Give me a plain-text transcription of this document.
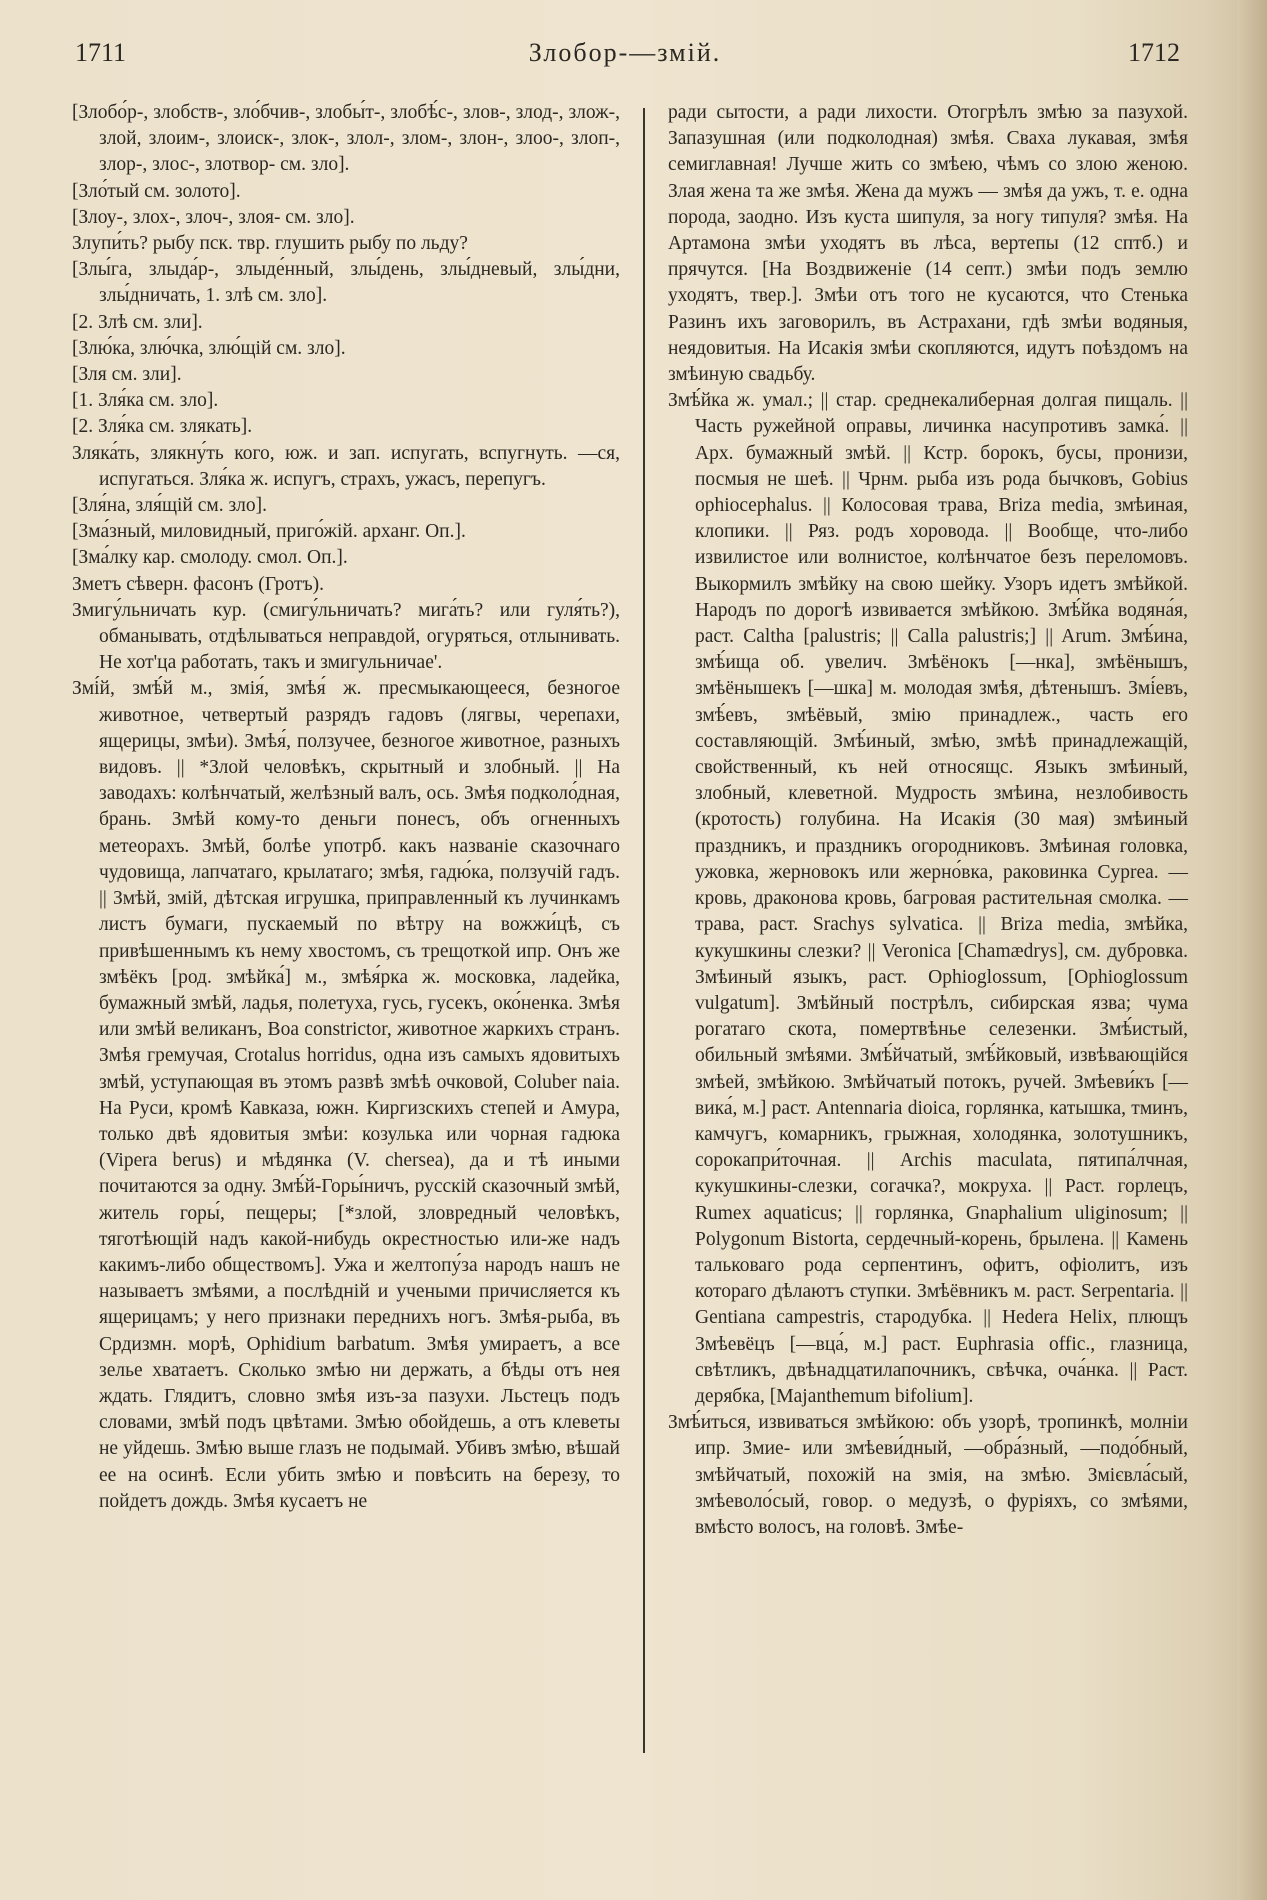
1711	Злобор-—змій.	1712

[Злобо́р-, злобств-, зло́бчив-, злобы́т-, злобѣ́с-, злов-, злод-, злож-, злой, злоим-, злоиск-, злок-, злол-, злом-, злон-, злоо-, злоп-, злор-, злос-, злотвор- см. зло].

[Зло́тый см. золото].

[Злоу-, злох-, злоч-, злоя- см. зло].

Злупи́ть? рыбу пск. твр. глушить рыбу по льду?

[Злы́га, злыда́р-, злыде́нный, злы́день, злы́дневый, злы́дни, злы́дничать, 1. злѣ см. зло].

[2. Злѣ см. зли].

[Злю́ка, злю́чка, злю́щій см. зло].

[Зля см. зли].

[1. Зля́ка см. зло].

[2. Зля́ка см. злякать].

Зляка́ть, злякну́ть кого, юж. и зап. испугать, вспугнуть. —ся, испугаться. Зля́ка ж. испугъ, страхъ, ужасъ, перепугъ.

[Зля́на, зля́щій см. зло].

[Зма́зный, миловидный, приго́жій. арханг. Оп.].

[Зма́лку кар. смолоду. смол. Оп.].

Зметъ сѣверн. фасонъ (Гротъ).

Змигу́льничать кур. (смигу́льничать? мига́ть? или гуля́ть?), обманывать, отдѣлываться неправдой, огуряться, отлынивать. Не хот'ца работать, такъ и змигульничае'.

Змі́й, змѣ́й м., змія́, змѣя́ ж. пресмыкающееся, безногое животное, четвертый разрядъ гадовъ (лягвы, черепахи, ящерицы, змѣи). Змѣя́, ползучее, безногое животное, разныхъ видовъ. || *Злой человѣкъ, скрытный и злобный. || На заводахъ: колѣнчатый, желѣзный валъ, ось. Змѣя подколо́дная, брань. Змѣй кому-то деньги понесъ, объ огненныхъ метеорахъ. Змѣй, болѣе употрб. какъ названіе сказочнаго чудовища, лапчатаго, крылатаго; змѣя, гадю́ка, ползучій гадъ. || Змѣй, змій, дѣтская игрушка, приправленный къ лучинкамъ листъ бумаги, пускаемый по вѣтру на вожжи́цѣ, съ привѣшеннымъ къ нему хвостомъ, съ трещоткой ипр. Онъ же змѣёкъ [род. змѣйка́] м., змѣя́рка ж. московка, ладейка, бумажный змѣй, ладья, полетуха, гусь, гусекъ, око́ненка. Змѣя или змѣй великанъ, Boa constrictor, животное жаркихъ странъ. Змѣя гремучая, Crotalus horridus, одна изъ самыхъ ядовитыхъ змѣй, уступающая въ этомъ развѣ змѣѣ очковой, Coluber naia. На Руси, кромѣ Кавказа, южн. Киргизскихъ степей и Амура, только двѣ ядовитыя змѣи: козулька или чорная гадюка (Vipera berus) и мѣдянка (V. chersea), да и тѣ иными почитаются за одну. Змѣ́й-Горы́ничъ, русскій сказочный змѣй, житель горы́, пещеры; [*злой, зловредный человѣкъ, тяготѣющій надъ какой-нибудь окрестностью или-же надъ какимъ-либо обществомъ]. Ужа и желтопу́за народъ нашъ не называетъ змѣями, а послѣдній и учеными причисляется къ ящерицамъ; у него признаки переднихъ ногъ. Змѣя-рыба, въ Срдизмн. морѣ, Ophidium barbatum. Змѣя умираетъ, а все зелье хватаетъ. Сколько змѣю ни держать, а бѣды отъ нея ждать. Глядитъ, словно змѣя изъ-за пазухи. Льстецъ подъ словами, змѣй подъ цвѣтами. Змѣю обойдешь, а отъ клеветы не уйдешь. Змѣю выше глазъ не подымай. Убивъ змѣю, вѣшай ее на осинѣ. Если убить змѣю и повѣсить на березу, то пойдетъ дождь. Змѣя кусаетъ не

ради сытости, а ради лихости. Отогрѣлъ змѣю за пазухой. Запазушная (или подколодная) змѣя. Сваха лукавая, змѣя семиглавная! Лучше жить со змѣею, чѣмъ со злою женою. Злая жена та же змѣя. Жена да мужъ — змѣя да ужъ, т. е. одна порода, заодно. Изъ куста шипуля, за ногу типуля? змѣя. На Артамона змѣи уходятъ въ лѣса, вертепы (12 сптб.) и прячутся. [На Воздвиженіе (14 септ.) змѣи подъ землю уходятъ, твер.]. Змѣи отъ того не кусаются, что Стенька Разинъ ихъ заговорилъ, въ Астрахани, гдѣ змѣи водяныя, неядовитыя. На Исакія змѣи скопляются, идутъ поѣздомъ на змѣиную свадьбу.

Змѣ́йка ж. умал.; || стар. среднекалиберная долгая пищаль. || Часть ружейной оправы, личинка насупротивъ замка́. || Арх. бумажный змѣй. || Кстр. борокъ, бусы, пронизи, посмыя не шеѣ. || Чрнм. рыба изъ рода бычковъ, Gobius ophiocephalus. || Колосовая трава, Briza media, змѣиная, клопики. || Ряз. родъ хоровода. || Вообще, что-либо извилистое или волнистое, колѣнчатое безъ переломовъ. Выкормилъ змѣйку на свою шейку. Узоръ идетъ змѣйкой. Народъ по дорогѣ извивается змѣйкою. Змѣ́йка водяна́я, раст. Caltha [palustris; || Calla palustris;] || Arum. Змѣ́ина, змѣ́ища об. увелич. Змѣёнокъ [—нка], змѣёнышъ, змѣёнышекъ [—шка] м. молодая змѣя, дѣтенышъ. Змі́евъ, змѣ́евъ, змѣёвый, змію принадлеж., часть его составляющій. Змѣ́иный, змѣю, змѣѣ принадлежащій, свойственный, къ ней относящс. Языкъ змѣиный, злобный, клеветной. Мудрость змѣина, незлобивость (кротость) голубина. На Исакія (30 мая) змѣиный праздникъ, и праздникъ огородниковъ. Змѣиная головка, ужовка, жерновокъ или жерно́вка, раковинка Cyprea. — кровь, драконова кровь, багровая растительная смолка. — трава, раст. Srachys sylvatica. || Briza media, змѣйка, кукушкины слезки? || Veronica [Chamædrys], см. дубровка. Змѣиный языкъ, раст. Ophioglossum, [Ophioglossum vulgatum]. Змѣйный пострѣлъ, сибирская язва; чума рогатаго скота, помертвѣнье селезенки. Змѣ́истый, обильный змѣями. Змѣ́йчатый, змѣ́йковый, извѣвающійся змѣей, змѣйкою. Змѣйчатый потокъ, ручей. Змѣеви́къ [—вика́, м.] раст. Antennaria dioica, горлянка, катышка, тминъ, камчугъ, комарникъ, грыжная, холодянка, золотушникъ, сорокапри́точная. || Archis maculata, пятипа́лчная, кукушкины-слезки, согачка?, мокруха. || Раст. горлецъ, Rumex aquaticus; || горлянка, Gnaphalium uliginosum; || Polygonum Bistorta, сердечный-корень, брылена. || Камень тальковаго рода серпентинъ, офитъ, офіолитъ, изъ котораго дѣлаютъ ступки. Змѣёвникъ м. раст. Serpentaria. || Gentiana campestris, стародубка. || Hedera Helix, плющъ Змѣевёцъ [—вца́, м.] раст. Euphrasia offic., глазница, свѣтликъ, двѣнадцатилапочникъ, свѣчка, оча́нка. || Раст. дерябка, [Majanthemum bifolium].

Змѣ́иться, извиваться змѣйкою: объ узорѣ, тропинкѣ, молніи ипр. Змие- или змѣеви́дный, —обра́зный, —подо́бный, змѣйчатый, похожій на змія, на змѣю. Змієвла́сый, змѣеволо́сый, говор. о медузѣ, о фуріяхъ, со змѣями, вмѣсто волосъ, на головѣ. Змѣе-
